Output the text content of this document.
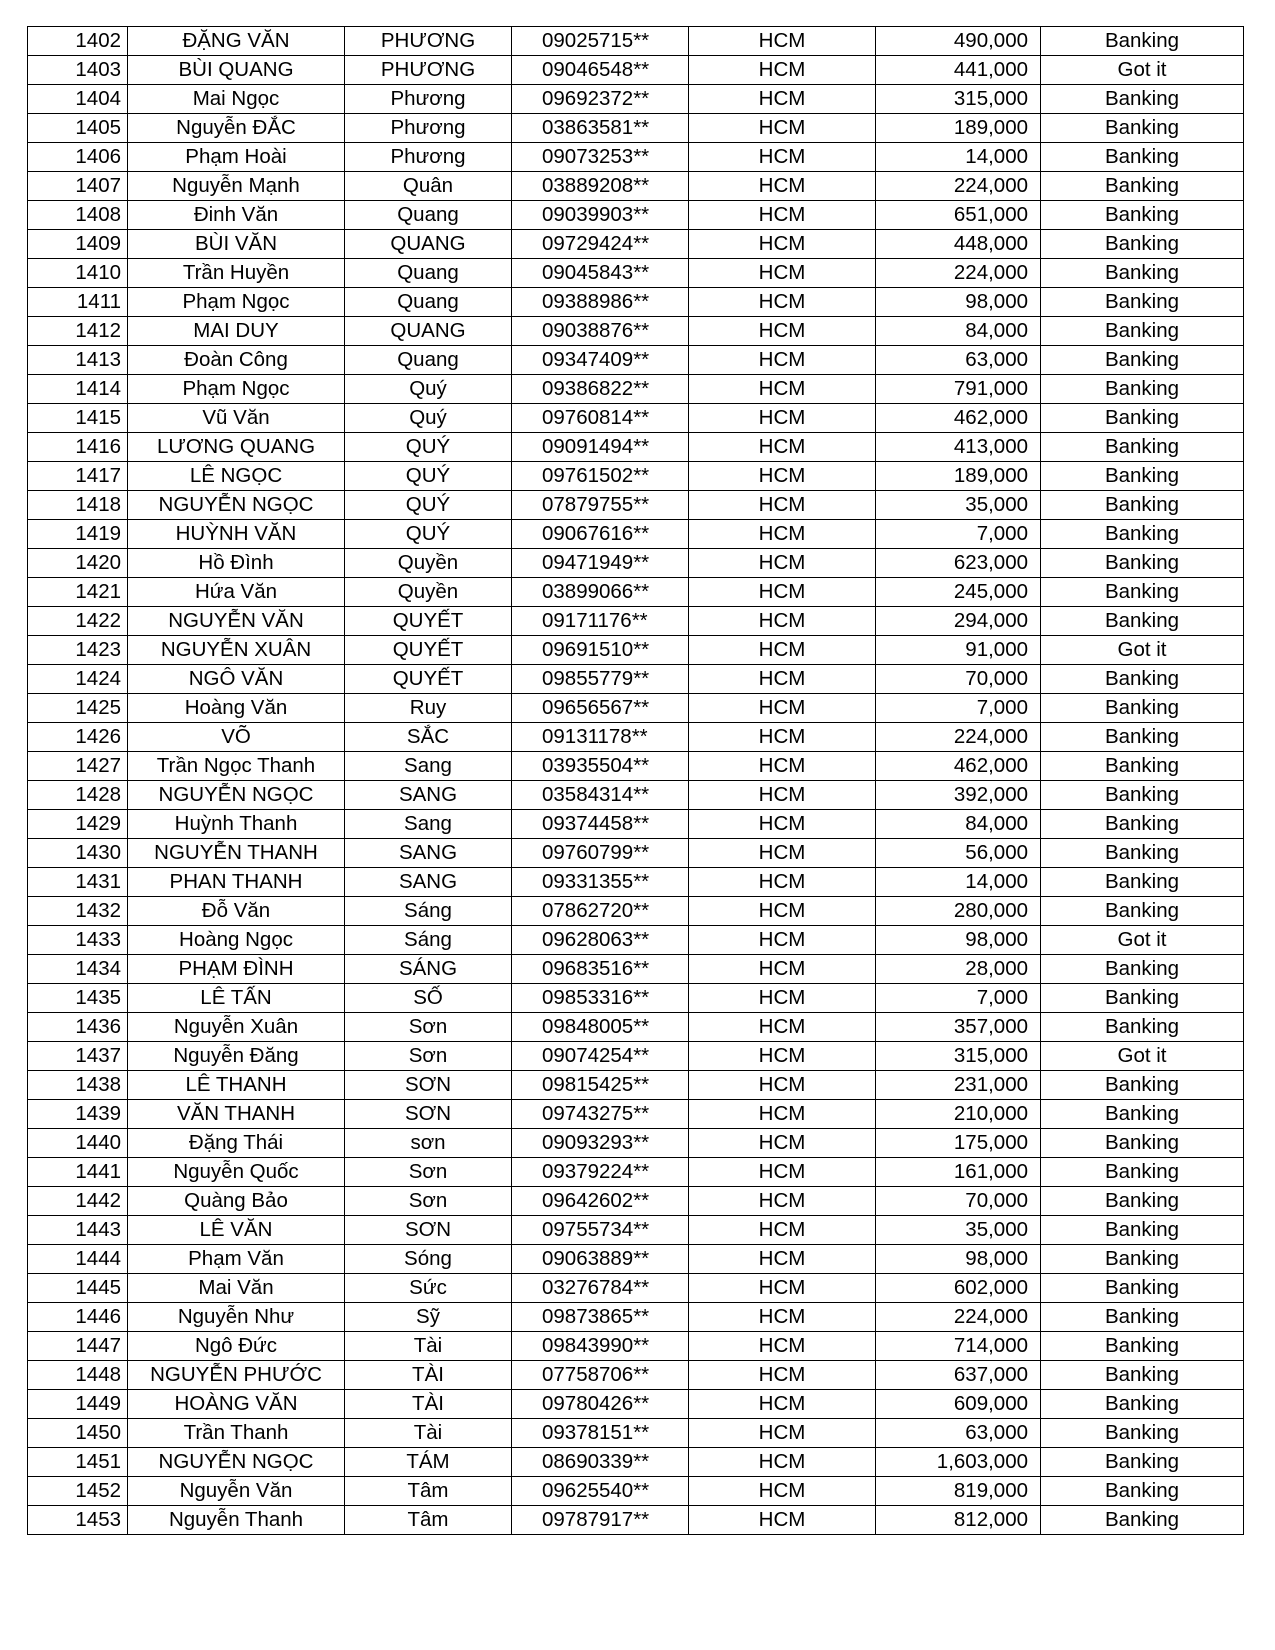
1402	ĐẶNG VĂN	PHƯƠNG	09025715**	HCM	490,000	Banking
1403	BÙI QUANG	PHƯƠNG	09046548**	HCM	441,000	Got it
1404	Mai Ngọc	Phương	09692372**	HCM	315,000	Banking
1405	Nguyễn ĐẮC	Phương	03863581**	HCM	189,000	Banking
1406	Phạm Hoài	Phương	09073253**	HCM	14,000	Banking
1407	Nguyễn Mạnh	Quân	03889208**	HCM	224,000	Banking
1408	Đinh Văn	Quang	09039903**	HCM	651,000	Banking
1409	BÙI VĂN	QUANG	09729424**	HCM	448,000	Banking
1410	Trần Huyền	Quang	09045843**	HCM	224,000	Banking
1411	Phạm Ngọc	Quang	09388986**	HCM	98,000	Banking
1412	MAI DUY	QUANG	09038876**	HCM	84,000	Banking
1413	Đoàn Công	Quang	09347409**	HCM	63,000	Banking
1414	Phạm Ngọc	Quý	09386822**	HCM	791,000	Banking
1415	Vũ Văn	Quý	09760814**	HCM	462,000	Banking
1416	LƯƠNG QUANG	QUÝ	09091494**	HCM	413,000	Banking
1417	LÊ NGỌC	QUÝ	09761502**	HCM	189,000	Banking
1418	NGUYỄN NGỌC	QUÝ	07879755**	HCM	35,000	Banking
1419	HUỲNH VĂN	QUÝ	09067616**	HCM	7,000	Banking
1420	Hồ Đình	Quyền	09471949**	HCM	623,000	Banking
1421	Hứa Văn	Quyền	03899066**	HCM	245,000	Banking
1422	NGUYỄN VĂN	QUYẾT	09171176**	HCM	294,000	Banking
1423	NGUYỄN XUÂN	QUYẾT	09691510**	HCM	91,000	Got it
1424	NGÔ VĂN	QUYẾT	09855779**	HCM	70,000	Banking
1425	Hoàng Văn	Ruy	09656567**	HCM	7,000	Banking
1426	VÕ	SẮC	09131178**	HCM	224,000	Banking
1427	Trần Ngọc Thanh	Sang	03935504**	HCM	462,000	Banking
1428	NGUYỄN NGỌC	SANG	03584314**	HCM	392,000	Banking
1429	Huỳnh Thanh	Sang	09374458**	HCM	84,000	Banking
1430	NGUYỄN THANH	SANG	09760799**	HCM	56,000	Banking
1431	PHAN THANH	SANG	09331355**	HCM	14,000	Banking
1432	Đỗ Văn	Sáng	07862720**	HCM	280,000	Banking
1433	Hoàng Ngọc	Sáng	09628063**	HCM	98,000	Got it
1434	PHẠM ĐÌNH	SÁNG	09683516**	HCM	28,000	Banking
1435	LÊ TẤN	SỐ	09853316**	HCM	7,000	Banking
1436	Nguyễn Xuân	Sơn	09848005**	HCM	357,000	Banking
1437	Nguyễn Đăng	Sơn	09074254**	HCM	315,000	Got it
1438	LÊ THANH	SƠN	09815425**	HCM	231,000	Banking
1439	VĂN THANH	SƠN	09743275**	HCM	210,000	Banking
1440	Đặng Thái	sơn	09093293**	HCM	175,000	Banking
1441	Nguyễn Quốc	Sơn	09379224**	HCM	161,000	Banking
1442	Quàng Bảo	Sơn	09642602**	HCM	70,000	Banking
1443	LÊ VĂN	SƠN	09755734**	HCM	35,000	Banking
1444	Phạm Văn	Sóng	09063889**	HCM	98,000	Banking
1445	Mai Văn	Sức	03276784**	HCM	602,000	Banking
1446	Nguyễn Như	Sỹ	09873865**	HCM	224,000	Banking
1447	Ngô Đức	Tài	09843990**	HCM	714,000	Banking
1448	NGUYỄN PHƯỚC	TÀI	07758706**	HCM	637,000	Banking
1449	HOÀNG VĂN	TÀI	09780426**	HCM	609,000	Banking
1450	Trần Thanh	Tài	09378151**	HCM	63,000	Banking
1451	NGUYỄN NGỌC	TÁM	08690339**	HCM	1,603,000	Banking
1452	Nguyễn Văn	Tâm	09625540**	HCM	819,000	Banking
1453	Nguyễn Thanh	Tâm	09787917**	HCM	812,000	Banking
